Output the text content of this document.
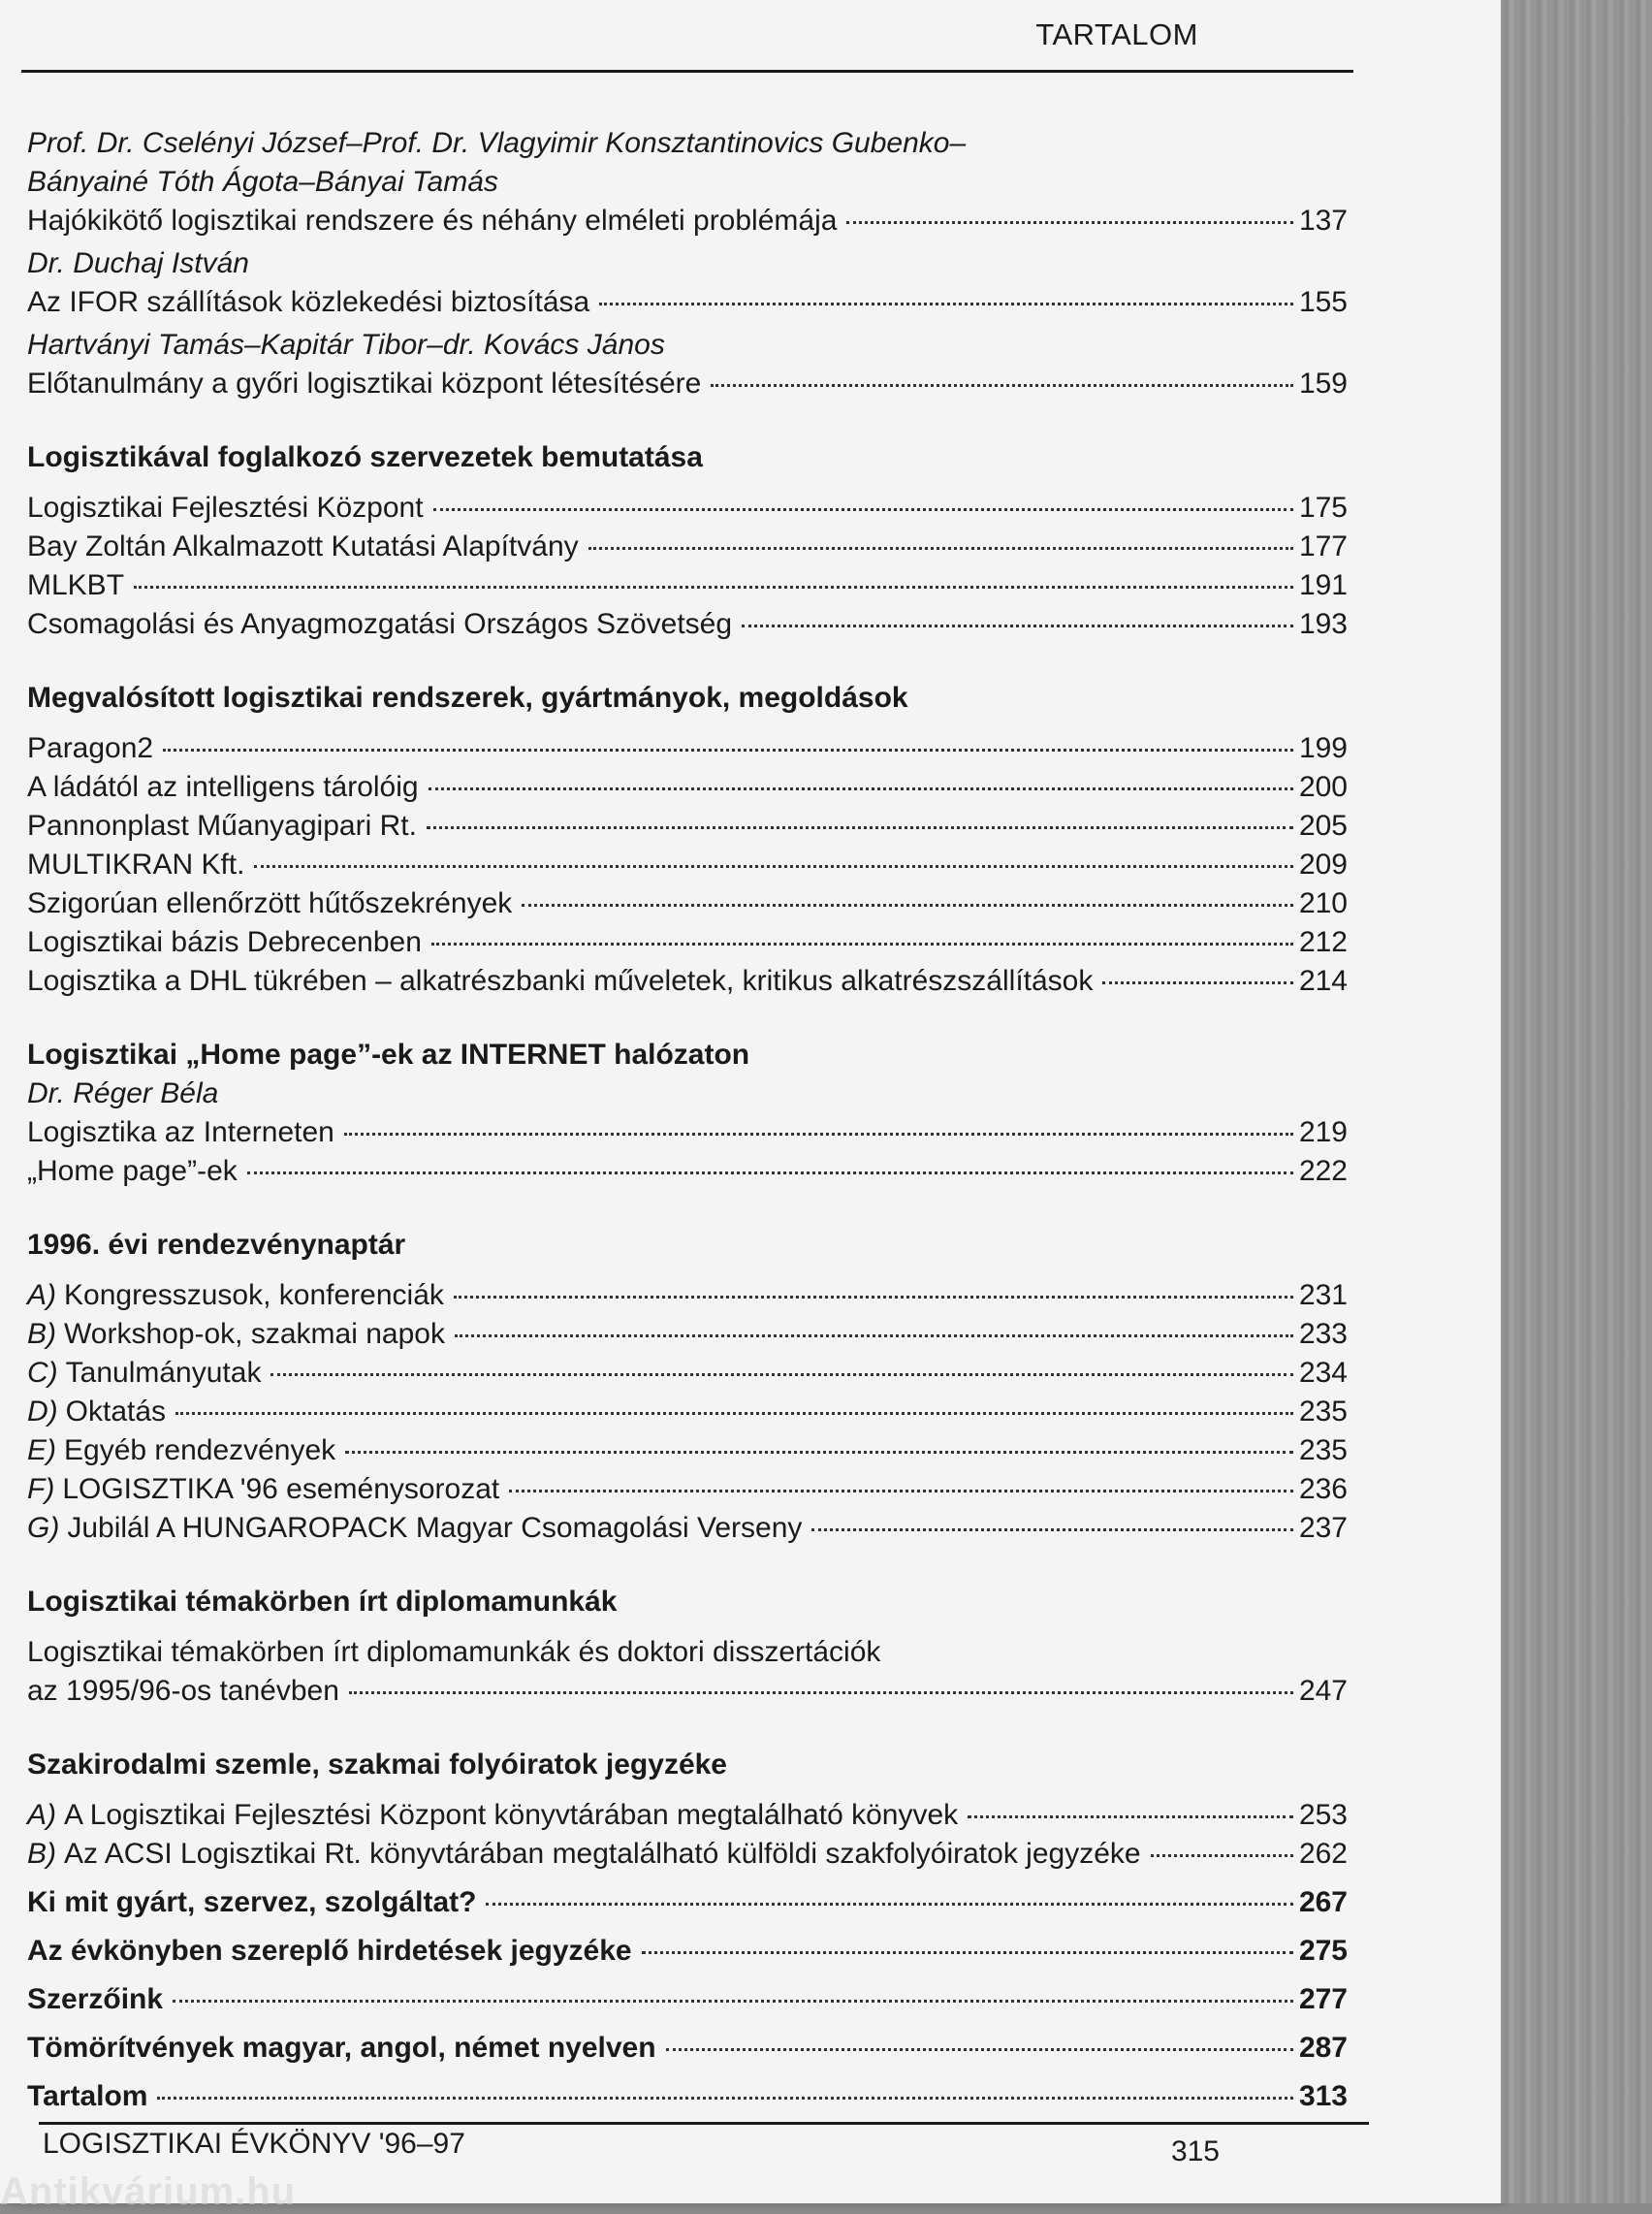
TARTALOM
Prof. Dr. Cselényi József–Prof. Dr. Vlagyimir Konsztantinovics Gubenko–
Bányainé Tóth Ágota–Bányai Tamás
Hajókikötő logisztikai rendszere és néhány elméleti problémája	137
Dr. Duchaj István
Az IFOR szállítások közlekedési biztosítása	155
Hartványi Tamás–Kapitár Tibor–dr. Kovács János
Előtanulmány a győri logisztikai központ létesítésére	159
Logisztikával foglalkozó szervezetek bemutatása
Logisztikai Fejlesztési Központ	175
Bay Zoltán Alkalmazott Kutatási Alapítvány	177
MLKBT	191
Csomagolási és Anyagmozgatási Országos Szövetség	193
Megvalósított logisztikai rendszerek, gyártmányok, megoldások
Paragon2	199
A ládától az intelligens tárolóig	200
Pannonplast Műanyagipari Rt.	205
MULTIKRAN Kft.	209
Szigorúan ellenőrzött hűtőszekrények	210
Logisztikai bázis Debrecenben	212
Logisztika a DHL tükrében – alkatrészbanki műveletek, kritikus alkatrészszállítások	214
Logisztikai „Home page”-ek az INTERNET halózaton
Dr. Réger Béla
Logisztika az Interneten	219
„Home page”-ek	222
1996. évi rendezvénynaptár
A) Kongresszusok, konferenciák	231
B) Workshop-ok, szakmai napok	233
C) Tanulmányutak	234
D) Oktatás	235
E) Egyéb rendezvények	235
F) LOGISZTIKA '96 eseménysorozat	236
G) Jubilál A HUNGAROPACK Magyar Csomagolási Verseny	237
Logisztikai témakörben írt diplomamunkák
Logisztikai témakörben írt diplomamunkák és doktori disszertációk
az 1995/96-os tanévben	247
Szakirodalmi szemle, szakmai folyóiratok jegyzéke
A) A Logisztikai Fejlesztési Központ könyvtárában megtalálható könyvek	253
B) Az ACSI Logisztikai Rt. könyvtárában megtalálható külföldi szakfolyóiratok jegyzéke	262
Ki mit gyárt, szervez, szolgáltat?	267
Az évkönyben szereplő hirdetések jegyzéke	275
Szerzőink	277
Tömörítvények magyar, angol, német nyelven	287
Tartalom	313
LOGISZTIKAI ÉVKÖNYV '96–97	315
Antikvárium.hu
